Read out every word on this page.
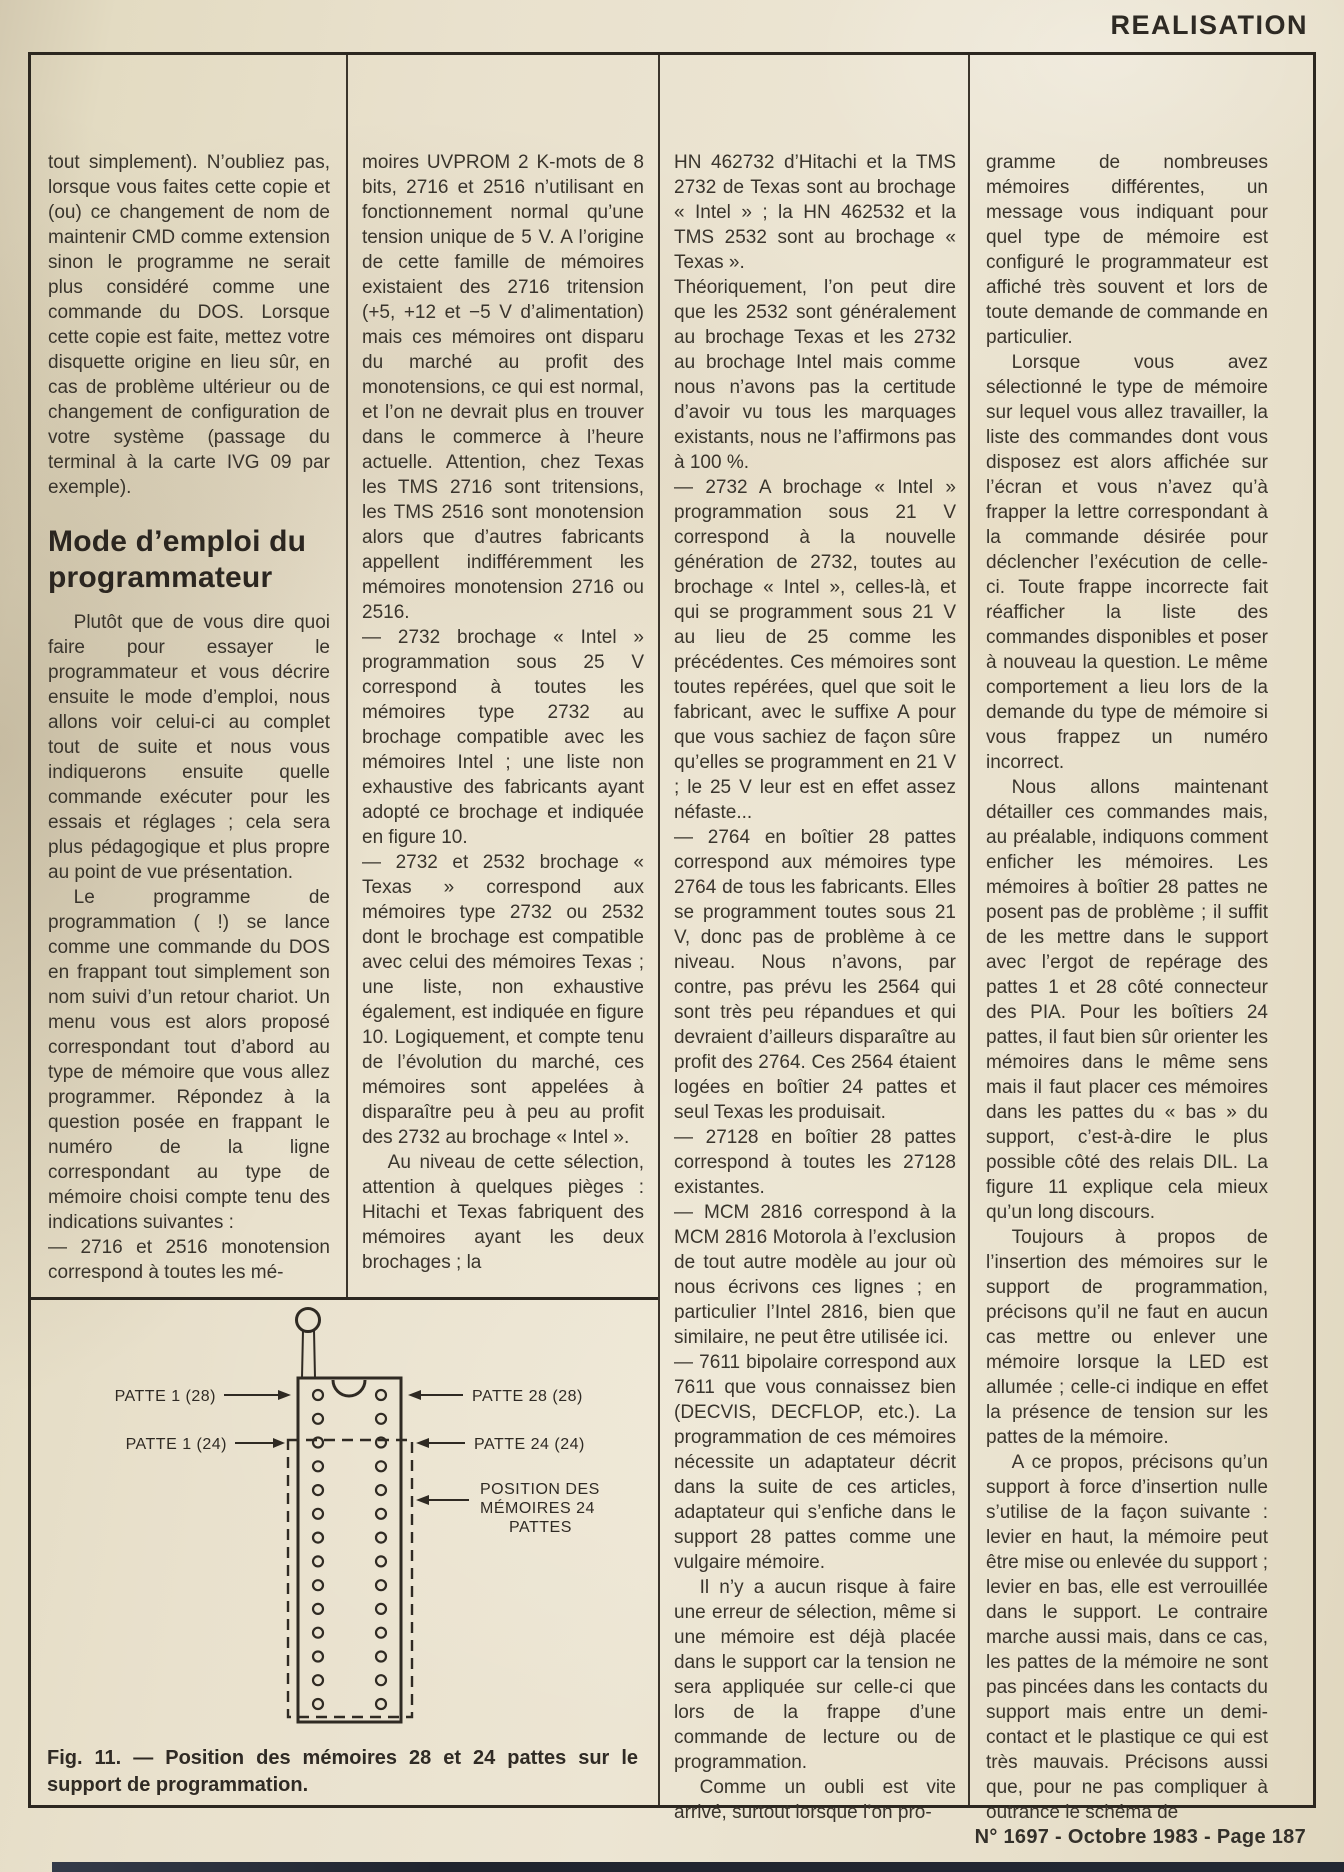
REALISATION

tout simplement). N’oubliez pas, lorsque vous faites cette copie et (ou) ce changement de nom de maintenir CMD comme extension sinon le programme ne serait plus considéré comme une commande du DOS. Lorsque cette copie est faite, mettez votre disquette origine en lieu sûr, en cas de problème ultérieur ou de changement de configuration de votre système (passage du terminal à la carte IVG 09 par exemple).

Mode d’emploi du programmateur

Plutôt que de vous dire quoi faire pour essayer le programmateur et vous décrire ensuite le mode d’emploi, nous allons voir celui-ci au complet tout de suite et nous vous indiquerons ensuite quelle commande exécuter pour les essais et réglages ; cela sera plus pédagogique et plus propre au point de vue présentation.

Le programme de programmation ( !) se lance comme une commande du DOS en frappant tout simplement son nom suivi d’un retour chariot. Un menu vous est alors proposé correspondant tout d’abord au type de mémoire que vous allez programmer. Répondez à la question posée en frappant le numéro de la ligne correspondant au type de mémoire choisi compte tenu des indications suivantes :

— 2716 et 2516 monotension correspond à toutes les mé-

moires UVPROM 2 K-mots de 8 bits, 2716 et 2516 n’utilisant en fonctionnement normal qu’une tension unique de 5 V. A l’origine de cette famille de mémoires existaient des 2716 tritension (+5, +12 et −5 V d’alimentation) mais ces mémoires ont disparu du marché au profit des monotensions, ce qui est normal, et l’on ne devrait plus en trouver dans le commerce à l’heure actuelle. Attention, chez Texas les TMS 2716 sont tritensions, les TMS 2516 sont monotension alors que d’autres fabricants appellent indifféremment les mémoires monotension 2716 ou 2516.

— 2732 brochage « Intel » programmation sous 25 V correspond à toutes les mémoires type 2732 au brochage compatible avec les mémoires Intel ; une liste non exhaustive des fabricants ayant adopté ce brochage et indiquée en figure 10.

— 2732 et 2532 brochage « Texas » correspond aux mémoires type 2732 ou 2532 dont le brochage est compatible avec celui des mémoires Texas ; une liste, non exhaustive également, est indiquée en figure 10. Logiquement, et compte tenu de l’évolution du marché, ces mémoires sont appelées à disparaître peu à peu au profit des 2732 au brochage « Intel ».

Au niveau de cette sélection, attention à quelques pièges : Hitachi et Texas fabriquent des mémoires ayant les deux brochages ; la

HN 462732 d’Hitachi et la TMS 2732 de Texas sont au brochage « Intel » ; la HN 462532 et la TMS 2532 sont au brochage « Texas ».

Théoriquement, l’on peut dire que les 2532 sont généralement au brochage Texas et les 2732 au brochage Intel mais comme nous n’avons pas la certitude d’avoir vu tous les marquages existants, nous ne l’affirmons pas à 100 %.

— 2732 A brochage « Intel » programmation sous 21 V correspond à la nouvelle génération de 2732, toutes au brochage « Intel », celles-là, et qui se programment sous 21 V au lieu de 25 comme les précédentes. Ces mémoires sont toutes repérées, quel que soit le fabricant, avec le suffixe A pour que vous sachiez de façon sûre qu’elles se programment en 21 V ; le 25 V leur est en effet assez néfaste...

— 2764 en boîtier 28 pattes correspond aux mémoires type 2764 de tous les fabricants. Elles se programment toutes sous 21 V, donc pas de problème à ce niveau. Nous n’avons, par contre, pas prévu les 2564 qui sont très peu répandues et qui devraient d’ailleurs disparaître au profit des 2764. Ces 2564 étaient logées en boîtier 24 pattes et seul Texas les produisait.

— 27128 en boîtier 28 pattes correspond à toutes les 27128 existantes.

— MCM 2816 correspond à la MCM 2816 Motorola à l’exclusion de tout autre modèle au jour où nous écrivons ces lignes ; en particulier l’Intel 2816, bien que similaire, ne peut être utilisée ici.

— 7611 bipolaire correspond aux 7611 que vous connaissez bien (DECVIS, DECFLOP, etc.). La programmation de ces mémoires nécessite un adaptateur décrit dans la suite de ces articles, adaptateur qui s’enfiche dans le support 28 pattes comme une vulgaire mémoire.

Il n’y a aucun risque à faire une erreur de sélection, même si une mémoire est déjà placée dans le support car la tension ne sera appliquée sur celle-ci que lors de la frappe d’une commande de lecture ou de programmation.

Comme un oubli est vite arrivé, surtout lorsque l’on pro-

gramme de nombreuses mémoires différentes, un message vous indiquant pour quel type de mémoire est configuré le programmateur est affiché très souvent et lors de toute demande de commande en particulier.

Lorsque vous avez sélectionné le type de mémoire sur lequel vous allez travailler, la liste des commandes dont vous disposez est alors affichée sur l’écran et vous n’avez qu’à frapper la lettre correspondant à la commande désirée pour déclencher l’exécution de celle-ci. Toute frappe incorrecte fait réafficher la liste des commandes disponibles et poser à nouveau la question. Le même comportement a lieu lors de la demande du type de mémoire si vous frappez un numéro incorrect.

Nous allons maintenant détailler ces commandes mais, au préalable, indiquons comment enficher les mémoires. Les mémoires à boîtier 28 pattes ne posent pas de problème ; il suffit de les mettre dans le support avec l’ergot de repérage des pattes 1 et 28 côté connecteur des PIA. Pour les boîtiers 24 pattes, il faut bien sûr orienter les mémoires dans le même sens mais il faut placer ces mémoires dans les pattes du « bas » du support, c’est-à-dire le plus possible côté des relais DIL. La figure 11 explique cela mieux qu’un long discours.

Toujours à propos de l’insertion des mémoires sur le support de programmation, précisons qu’il ne faut en aucun cas mettre ou enlever une mémoire lorsque la LED est allumée ; celle-ci indique en effet la présence de tension sur les pattes de la mémoire.

A ce propos, précisons qu’un support à force d’insertion nulle s’utilise de la façon suivante : levier en haut, la mémoire peut être mise ou enlevée du support ; levier en bas, elle est verrouillée dans le support. Le contraire marche aussi mais, dans ce cas, les pattes de la mémoire ne sont pas pincées dans les contacts du support mais entre un demi-contact et le plastique ce qui est très mauvais. Précisons aussi que, pour ne pas compliquer à outrance le schéma de

PATTE 1 (28)	PATTE 28 (28)
PATTE 1 (24)	PATTE 24 (24)
POSITION DES
MÉMOIRES 24
PATTES
Fig. 11. — Position des mémoires 28 et 24 pattes sur le support de programmation.
N° 1697 - Octobre 1983 - Page 187
